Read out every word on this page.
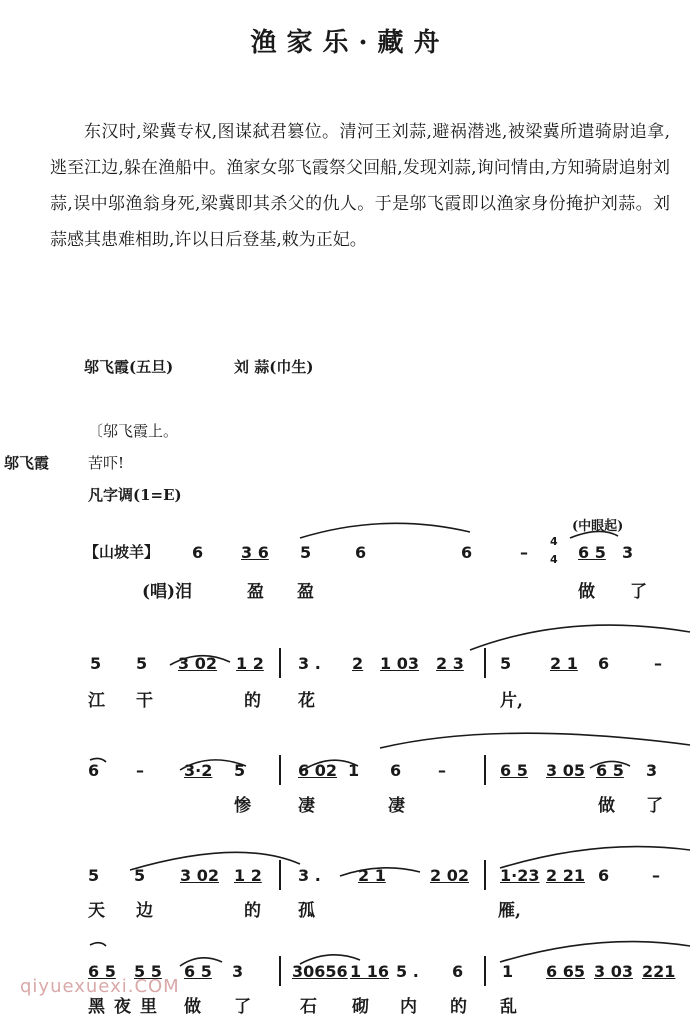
渔家乐·藏舟
东汉时,梁冀专权,图谋弑君篡位。清河王刘蒜,避祸潜逃,被梁冀所遣骑尉追拿,逃至江边,躲在渔船中。渔家女邬飞霞祭父回船,发现刘蒜,询问情由,方知骑尉追射刘蒜,误中邬渔翁身死,梁冀即其杀父的仇人。于是邬飞霞即以渔家身份掩护刘蒜。刘蒜感其患难相助,许以日后登基,敕为正妃。
邬飞霞(五旦)	刘 蒜(巾生)
〔邬飞霞上。
邬飞霞	苦吓!
凡字调(1=E)
【山坡羊】 6 3 6 5	6	6	–
4
4 6 5 3
(中眼起)
(唱)泪	盈 盈	做 了
5 5 3 02 1 2 3 . 2 1 03 2 3 5 2 1 6	–
江 干	的 花	片,
6 –	3·2 5	6 02 1 6 –	6 5 3 05 6 5 3
惨	凄	凄	做 了
5 5 3 02 1 2 3 . 2 1	2 02 1·23 2 21 6	–
天 边	的 孤	雁,
6 5 5 5 6 5 3	30656 1 16 5 . 6 1 6 65 3 03 221
黑 夜 里 做 了	石 砌 内 的 乱
qiyuexuexi.COM
